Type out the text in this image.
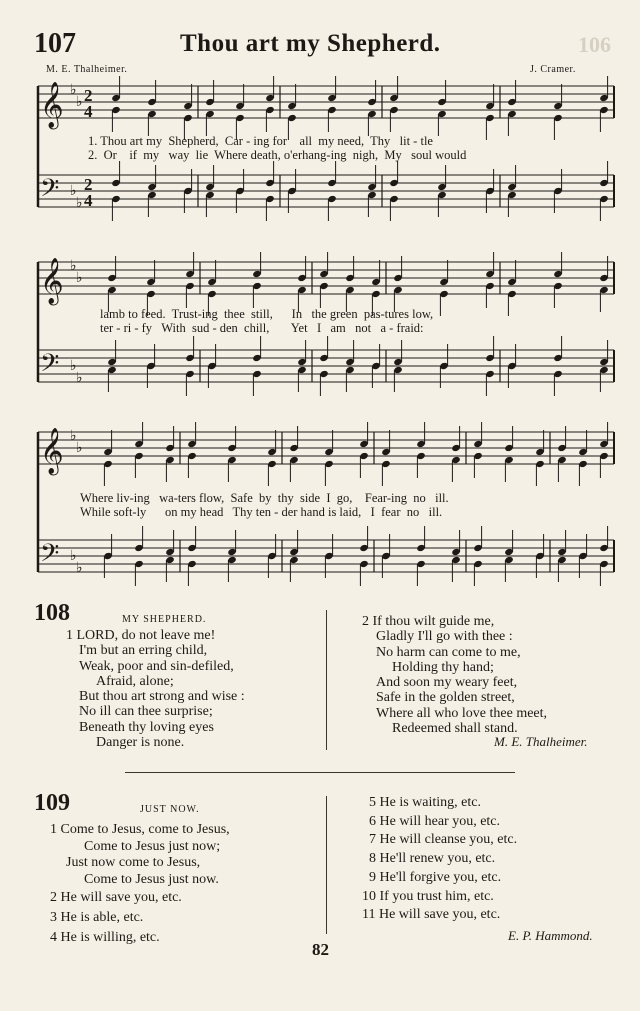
107	Thou art my Shepherd.	106
M. E. Thalheimer.	J. Cramer.
𝄞
𝄢
♭
♭
♭
♭
2
2
4
4
𝄞
𝄢
♭
♭
♭
♭
𝄞
𝄢
♭
♭
♭
♭
1. Thou art my  Shepherd,  Car - ing for    all  my need,  Thy   lit - tle
2.  Or    if  my   way  lie  Where death, o'erhang-ing  nigh,  My   soul would
lamb to feed.  Trust-ing  thee  still,      In   the green  pas-tures low,
ter - ri - fy   With  sud - den  chill,       Yet   I   am   not   a - fraid:
Where liv-ing   wa-ters flow,  Safe  by  thy  side  I  go,    Fear-ing  no   ill.
While soft-ly      on my head   Thy ten - der hand is laid,   I  fear  no   ill.
108	MY SHEPHERD.
1 LORD, do not leave me!
I'm but an erring child,
Weak, poor and sin-defiled,
Afraid, alone;
But thou art strong and wise :
No ill can thee surprise;
Beneath thy loving eyes
Danger is none.
2 If thou wilt guide me,
Gladly I'll go with thee :
No harm can come to me,
Holding thy hand;
And soon my weary feet,
Safe in the golden street,
Where all who love thee meet,
Redeemed shall stand.
M. E. Thalheimer.
109	JUST NOW.
1 Come to Jesus, come to Jesus,
Come to Jesus just now;
Just now come to Jesus,
Come to Jesus just now.
2 He will save you, etc.
3 He is able, etc.
4 He is willing, etc.
5 He is waiting, etc.
6 He will hear you, etc.
7 He will cleanse you, etc.
8 He'll renew you, etc.
9 He'll forgive you, etc.
10 If you trust him, etc.
11 He will save you, etc.
E. P. Hammond.
82
